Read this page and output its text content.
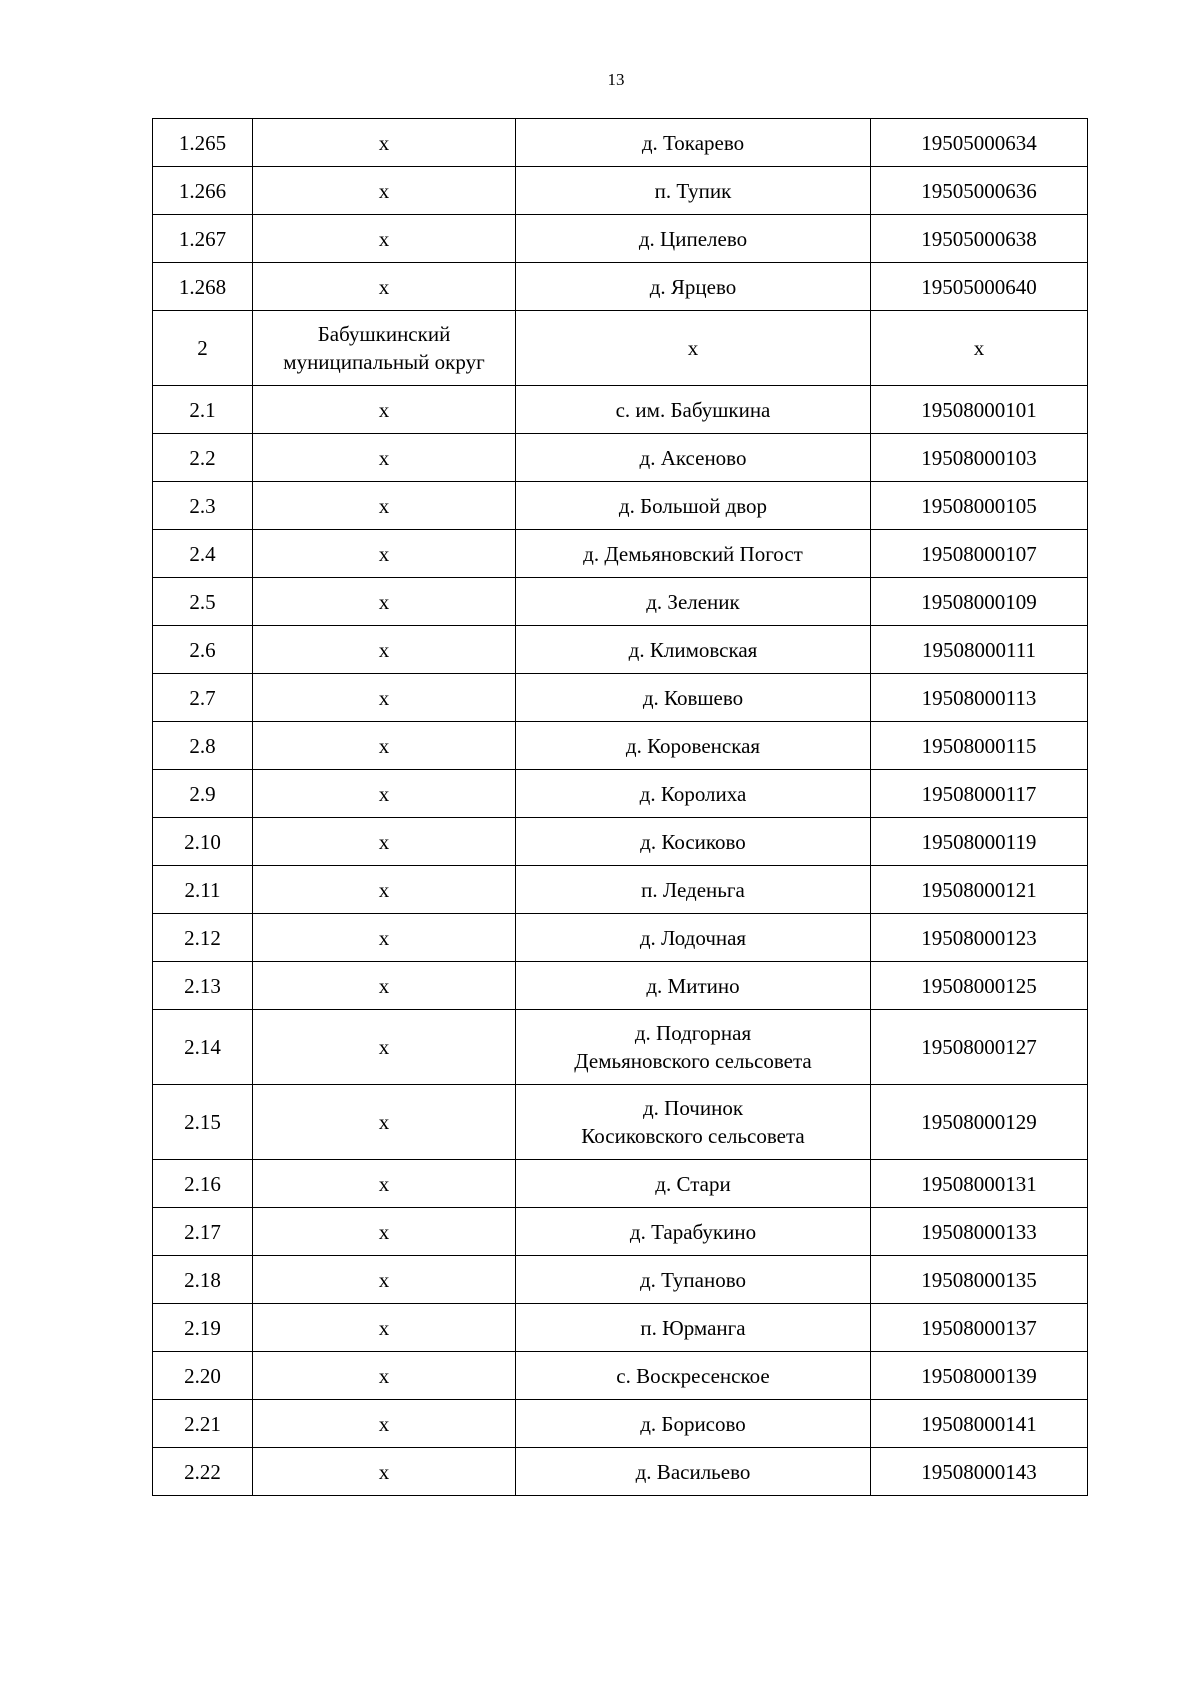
13
1.265	х	д. Токарево	19505000634

1.266	х	п. Тупик	19505000636

1.267	х	д. Ципелево	19505000638

1.268	х	д. Ярцево	19505000640

2	Бабушкинский
муниципальный округ	х	х

2.1	х	с. им. Бабушкина	19508000101

2.2	х	д. Аксеново	19508000103

2.3	х	д. Большой двор	19508000105

2.4	х	д. Демьяновский Погост	19508000107

2.5	х	д. Зеленик	19508000109

2.6	х	д. Климовская	19508000111

2.7	х	д. Ковшево	19508000113

2.8	х	д. Коровенская	19508000115

2.9	х	д. Королиха	19508000117

2.10	х	д. Косиково	19508000119

2.11	х	п. Леденьга	19508000121

2.12	х	д. Лодочная	19508000123

2.13	х	д. Митино	19508000125

2.14	х	д. Подгорная
Демьяновского сельсовета	19508000127

2.15	х	д. Починок
Косиковского сельсовета	19508000129

2.16	х	д. Стари	19508000131

2.17	х	д. Тарабукино	19508000133

2.18	х	д. Тупаново	19508000135

2.19	х	п. Юрманга	19508000137

2.20	х	с. Воскресенское	19508000139

2.21	х	д. Борисово	19508000141

2.22	х	д. Васильево	19508000143
